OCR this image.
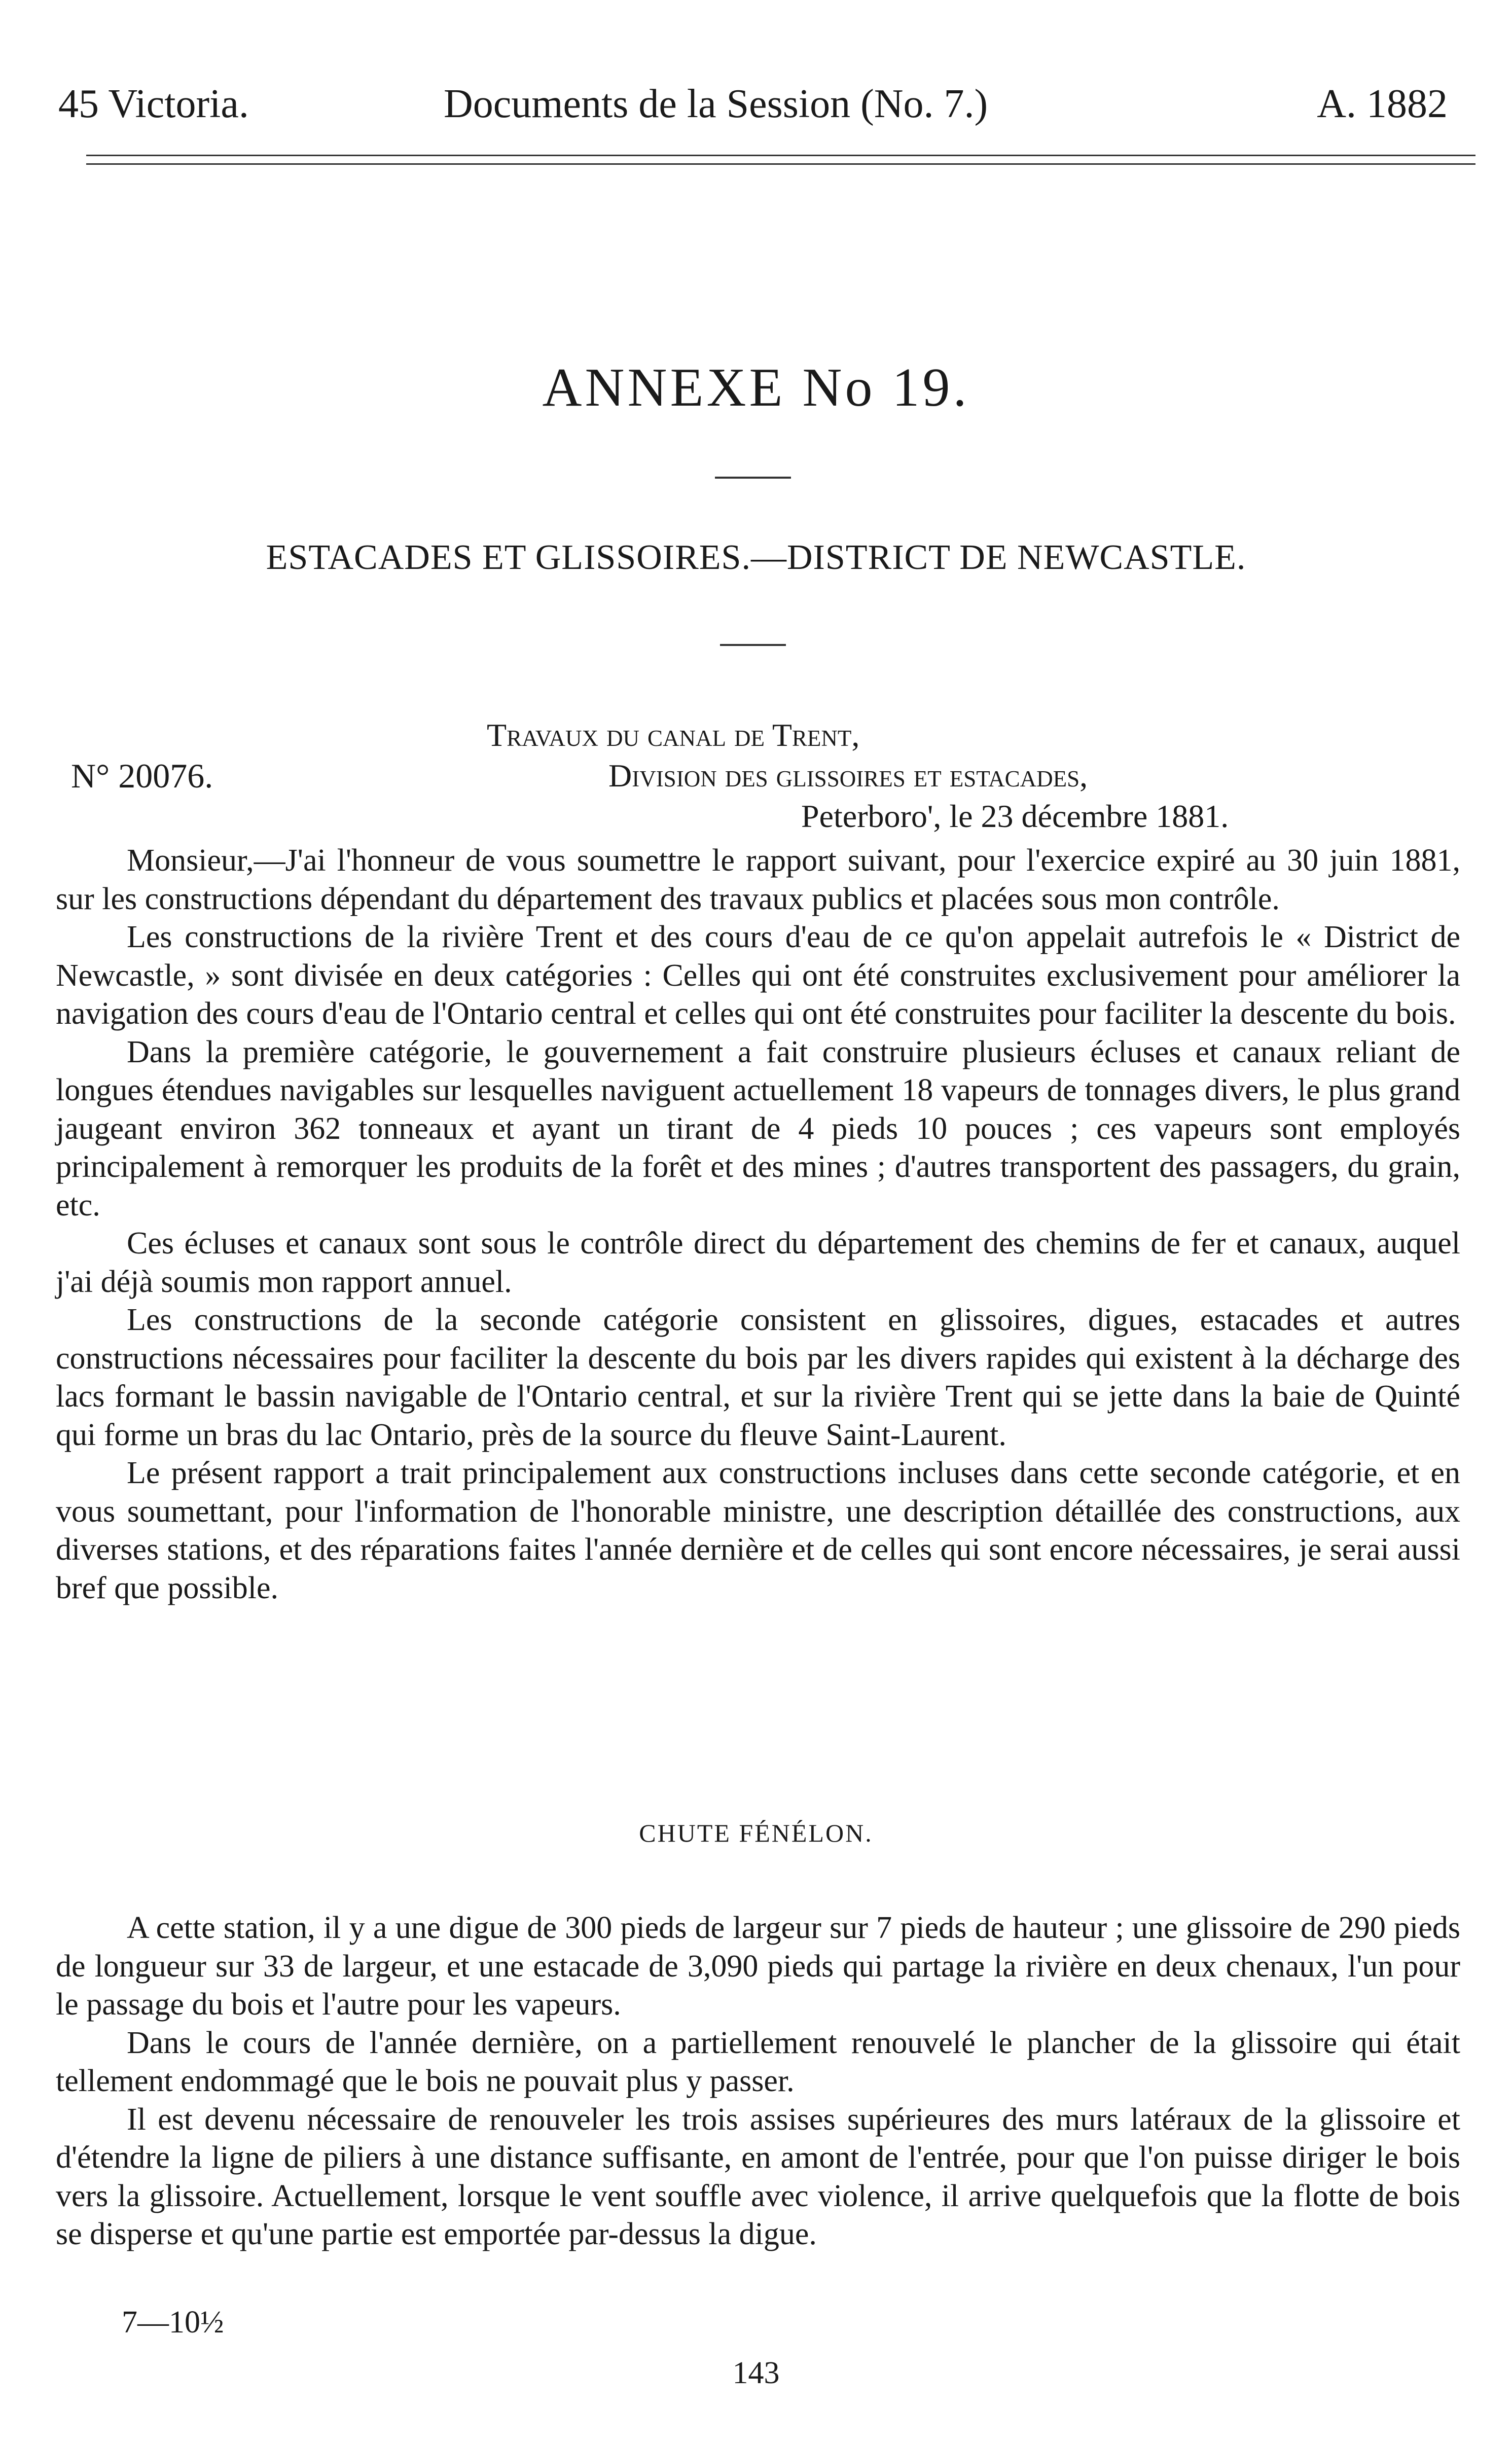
45 Victoria.	Documents de la Session (No. 7.)	A. 1882
ANNEXE No 19.
ESTACADES ET GLISSOIRES.—DISTRICT DE NEWCASTLE.
N° 20076.
Travaux du canal de Trent,
Division des glissoires et estacades,
Peterboro', le 23 décembre 1881.

Monsieur,—J'ai l'honneur de vous soumettre le rapport suivant, pour l'exercice expiré au 30 juin 1881, sur les constructions dépendant du département des travaux publics et placées sous mon contrôle.

Les constructions de la rivière Trent et des cours d'eau de ce qu'on appelait autrefois le « District de Newcastle, » sont divisée en deux catégories : Celles qui ont été construites exclusivement pour améliorer la navigation des cours d'eau de l'Ontario central et celles qui ont été construites pour faciliter la descente du bois.

Dans la première catégorie, le gouvernement a fait construire plusieurs écluses et canaux reliant de longues étendues navigables sur lesquelles naviguent actuellement 18 vapeurs de tonnages divers, le plus grand jaugeant environ 362 tonneaux et ayant un tirant de 4 pieds 10 pouces ; ces vapeurs sont employés principalement à remorquer les produits de la forêt et des mines ; d'autres transportent des passagers, du grain, etc.

Ces écluses et canaux sont sous le contrôle direct du département des chemins de fer et canaux, auquel j'ai déjà soumis mon rapport annuel.

Les constructions de la seconde catégorie consistent en glissoires, digues, estacades et autres constructions nécessaires pour faciliter la descente du bois par les divers rapides qui existent à la décharge des lacs formant le bassin navigable de l'Ontario central, et sur la rivière Trent qui se jette dans la baie de Quinté qui forme un bras du lac Ontario, près de la source du fleuve Saint-Laurent.

Le présent rapport a trait principalement aux constructions incluses dans cette seconde catégorie, et en vous soumettant, pour l'information de l'honorable ministre, une description détaillée des constructions, aux diverses stations, et des réparations faites l'année dernière et de celles qui sont encore nécessaires, je serai aussi bref que possible.

CHUTE FÉNÉLON.

A cette station, il y a une digue de 300 pieds de largeur sur 7 pieds de hauteur ; une glissoire de 290 pieds de longueur sur 33 de largeur, et une estacade de 3,090 pieds qui partage la rivière en deux chenaux, l'un pour le passage du bois et l'autre pour les vapeurs.

Dans le cours de l'année dernière, on a partiellement renouvelé le plancher de la glissoire qui était tellement endommagé que le bois ne pouvait plus y passer.

Il est devenu nécessaire de renouveler les trois assises supérieures des murs latéraux de la glissoire et d'étendre la ligne de piliers à une distance suffisante, en amont de l'entrée, pour que l'on puisse diriger le bois vers la glissoire. Actuellement, lorsque le vent souffle avec violence, il arrive quelquefois que la flotte de bois se disperse et qu'une partie est emportée par-dessus la digue.

7—10½
143
